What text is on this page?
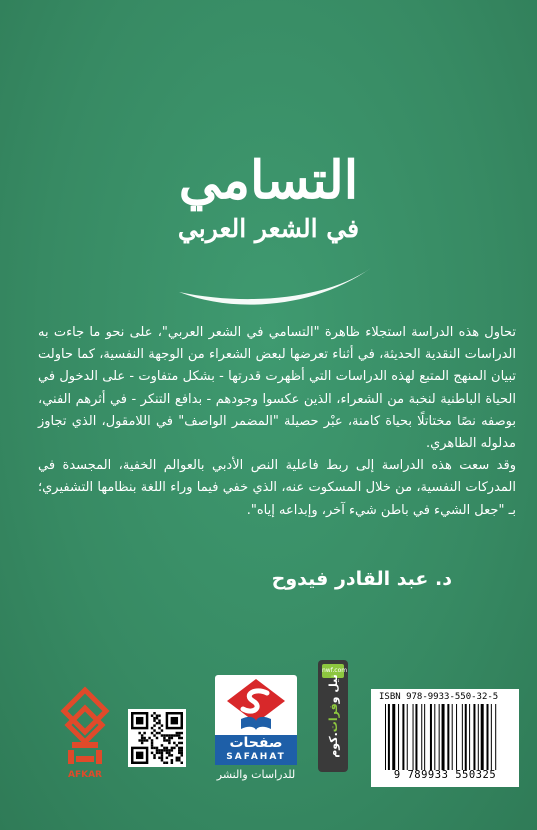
التسامي
في الشعر العربي

تحاول هذه الدراسة استجلاء ظاهرة "التسامي في الشعر العربي"، على نحو ما جاءت به الدراسات النقدية الحديثة، في أثناء تعرضها لبعض الشعراء من الوجهة النفسية، كما حاولت تبيان المنهج المتبع لهذه الدراسات التي أظهرت قدرتها - بشكل متفاوت - على الدخول في الحياة الباطنية لنخبة من الشعراء، الذين عكسوا وجودهم - بدافع التنكر - في أثرهم الفني، بوصفه نصًا مختاتلًا بحياة كامنة، عبْر حصيلة "المضمر الواصف" في اللامقول، الذي تجاوز مدلوله الظاهري.

وقد سعت هذه الدراسة إلى ربط فاعلية النص الأدبي بالعوالم الخفية، المجسدة في المدركات النفسية، من خلال المسكوت عنه، الذي خفي فيما وراء اللغة بنظامها التشفيري؛ بـ "جعل الشيء في باطن شيء آخر، وإبداعه إياه".

د. عبد القادر فيدوح
AFKAR
صفحات
SAFAHAT
للدراسات والنشر
nwf.com
نيل و
فرات
.كوم
ISBN 978-9933-550-32-5
9 789933 550325
